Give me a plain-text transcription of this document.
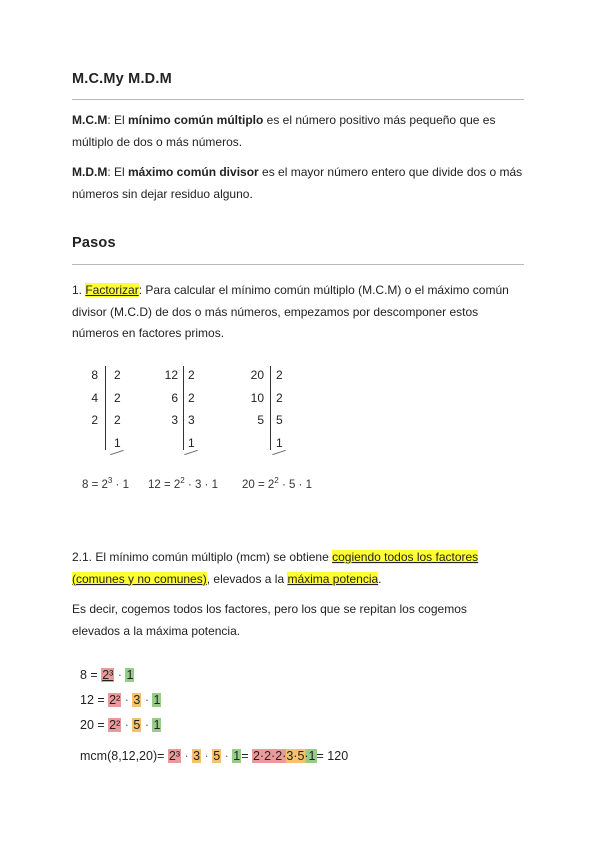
M.C.My M.D.M
M.C.M: El mínimo común múltiplo es el número positivo más pequeño que es múltiplo de dos o más números.
M.D.M: El máximo común divisor es el mayor número entero que divide dos o más números sin dejar residuo alguno.
Pasos
1. Factorizar: Para calcular el mínimo común múltiplo (M.C.M) o el máximo común divisor (M.C.D) de dos o más números, empezamos por descomponer estos números en factores primos.
8
4
2
2
2
2
1
12
6
3
2
2
3
1
20
10
5
2
2
5
1
$8 = 2^3 \cdot 1$ $12 = 2^2 \cdot 3 \cdot 1$ $20 = 2^2 \cdot 5 \cdot 1$
2.1. El mínimo común múltiplo (mcm) se obtiene cogiendo todos los factores (comunes y no comunes), elevados a la máxima potencia.
Es decir, cogemos todos los factores, pero los que se repitan los cogemos elevados a la máxima potencia.
8 = 2³ · 1
12 = 2² · 3 · 1
20 = 2² · 5 · 1
mcm(8,12,20)= 2³ · 3 · 5 · 1= 2·2·2·3·5·1= 120
